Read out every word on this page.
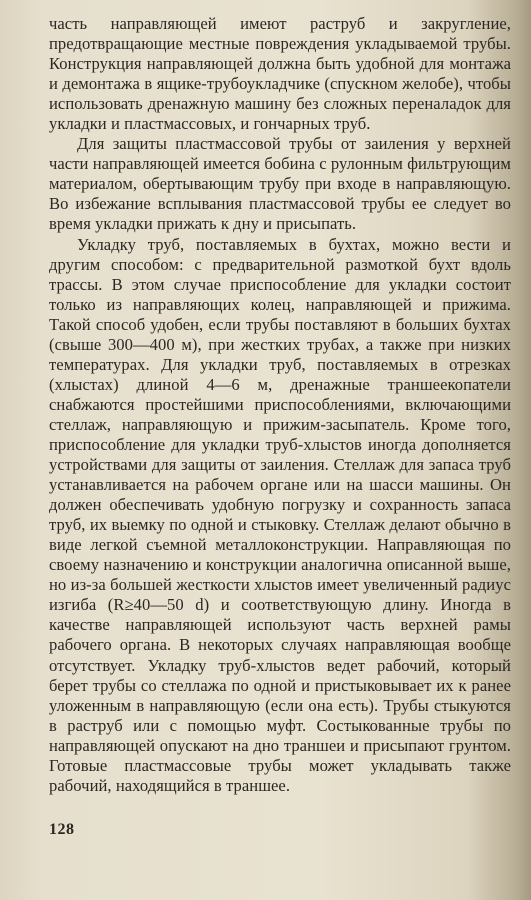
часть направляющей имеют раструб и закругление, предотвращающие местные повреждения укладываемой трубы. Конструкция направляющей должна быть удобной для монтажа и демонтажа в ящике-трубоукладчике (спускном желобе), чтобы использовать дренажную машину без сложных переналадок для укладки и пластмассовых, и гончарных труб.

Для защиты пластмассовой трубы от заиления у верхней части направляющей имеется бобина с рулонным фильтрующим материалом, обертывающим трубу при входе в направляющую. Во избежание всплывания пластмассовой трубы ее следует во время укладки прижать к дну и присыпать.

Укладку труб, поставляемых в бухтах, можно вести и другим способом: с предварительной размоткой бухт вдоль трассы. В этом случае приспособление для укладки состоит только из направляющих колец, направляющей и прижима. Такой способ удобен, если трубы поставляют в больших бухтах (свыше 300—400 м), при жестких трубах, а также при низких температурах. Для укладки труб, поставляемых в отрезках (хлыстах) длиной 4—6 м, дренажные траншеекопатели снабжаются простейшими приспособлениями, включающими стеллаж, направляющую и прижим-засыпатель. Кроме того, приспособление для укладки труб-хлыстов иногда дополняется устройствами для защиты от заиления. Стеллаж для запаса труб устанавливается на рабочем органе или на шасси машины. Он должен обеспечивать удобную погрузку и сохранность запаса труб, их выемку по одной и стыковку. Стеллаж делают обычно в виде легкой съемной металлоконструкции. Направляющая по своему назначению и конструкции аналогична описанной выше, но из-за большей жесткости хлыстов имеет увеличенный радиус изгиба (R≥40—50 d) и соответствующую длину. Иногда в качестве направляющей используют часть верхней рамы рабочего органа. В некоторых случаях направляющая вообще отсутствует. Укладку труб-хлыстов ведет рабочий, который берет трубы со стеллажа по одной и пристыковывает их к ранее уложенным в направляющую (если она есть). Трубы стыкуются в раструб или с помощью муфт. Состыкованные трубы по направляющей опускают на дно траншеи и присыпают грунтом. Готовые пластмассовые трубы может укладывать также рабочий, находящийся в траншее.

128
